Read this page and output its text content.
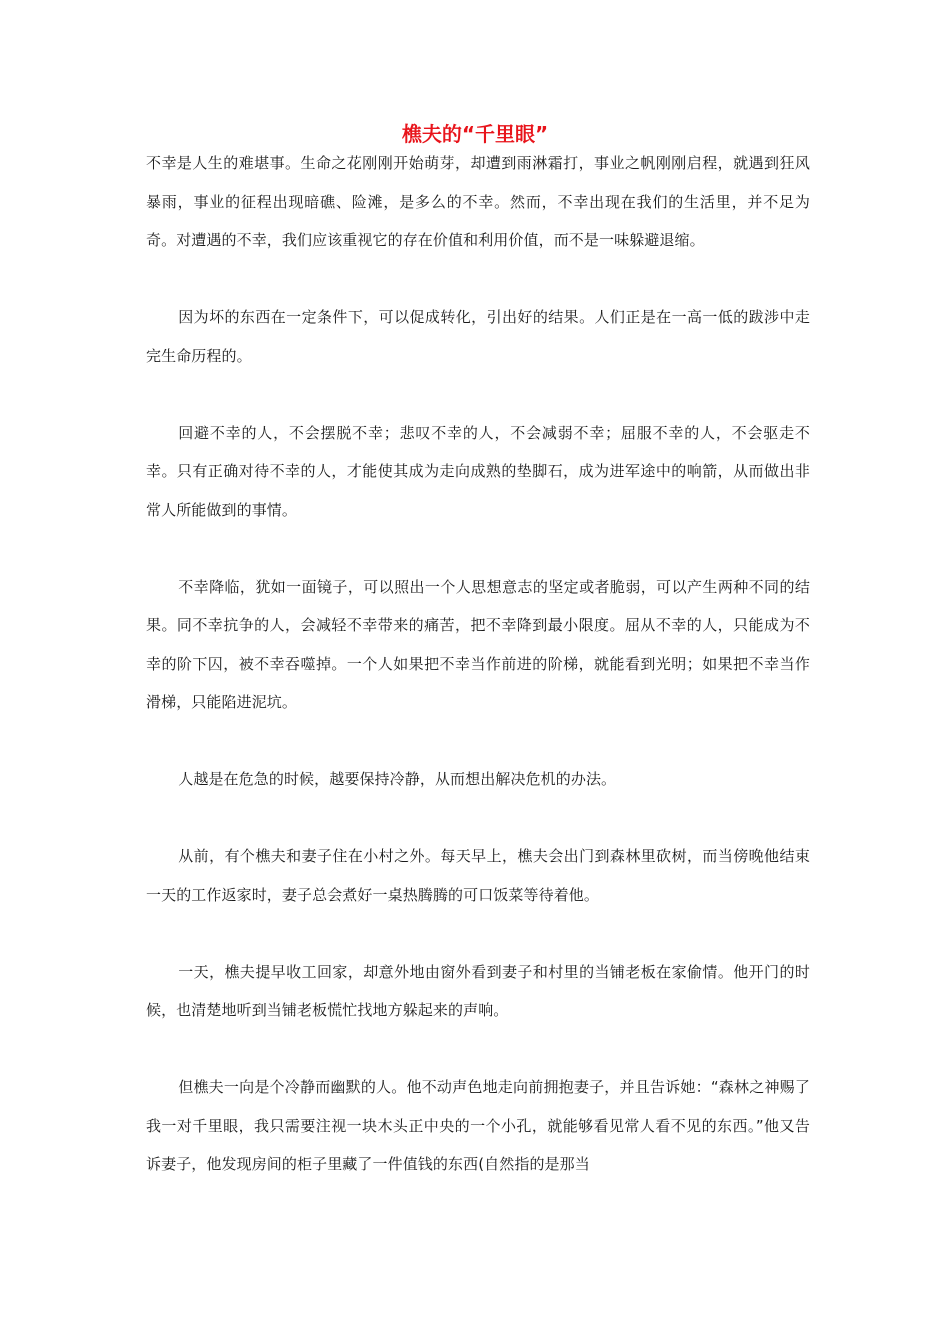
樵夫的“千里眼”

不幸是人生的难堪事。生命之花刚刚开始萌芽，却遭到雨淋霜打，事业之帆刚刚启程，就遇到狂风暴雨，事业的征程出现暗礁、险滩，是多么的不幸。然而，不幸出现在我们的生活里，并不足为奇。对遭遇的不幸，我们应该重视它的存在价值和利用价值，而不是一味躲避退缩。

因为坏的东西在一定条件下，可以促成转化，引出好的结果。人们正是在一高一低的跋涉中走完生命历程的。

回避不幸的人，不会摆脱不幸；悲叹不幸的人，不会减弱不幸；屈服不幸的人，不会驱走不幸。只有正确对待不幸的人，才能使其成为走向成熟的垫脚石，成为进军途中的响箭，从而做出非常人所能做到的事情。

不幸降临，犹如一面镜子，可以照出一个人思想意志的坚定或者脆弱，可以产生两种不同的结果。同不幸抗争的人，会减轻不幸带来的痛苦，把不幸降到最小限度。屈从不幸的人，只能成为不幸的阶下囚，被不幸吞噬掉。一个人如果把不幸当作前进的阶梯，就能看到光明；如果把不幸当作滑梯，只能陷进泥坑。

人越是在危急的时候，越要保持冷静，从而想出解决危机的办法。

从前，有个樵夫和妻子住在小村之外。每天早上，樵夫会出门到森林里砍树，而当傍晚他结束一天的工作返家时，妻子总会煮好一桌热腾腾的可口饭菜等待着他。

一天，樵夫提早收工回家，却意外地由窗外看到妻子和村里的当铺老板在家偷情。他开门的时候，也清楚地听到当铺老板慌忙找地方躲起来的声响。

但樵夫一向是个冷静而幽默的人。他不动声色地走向前拥抱妻子，并且告诉她：“森林之神赐了我一对千里眼，我只需要注视一块木头正中央的一个小孔，就能够看见常人看不见的东西。”他又告诉妻子，他发现房间的柜子里藏了一件值钱的东西(自然指的是那当
